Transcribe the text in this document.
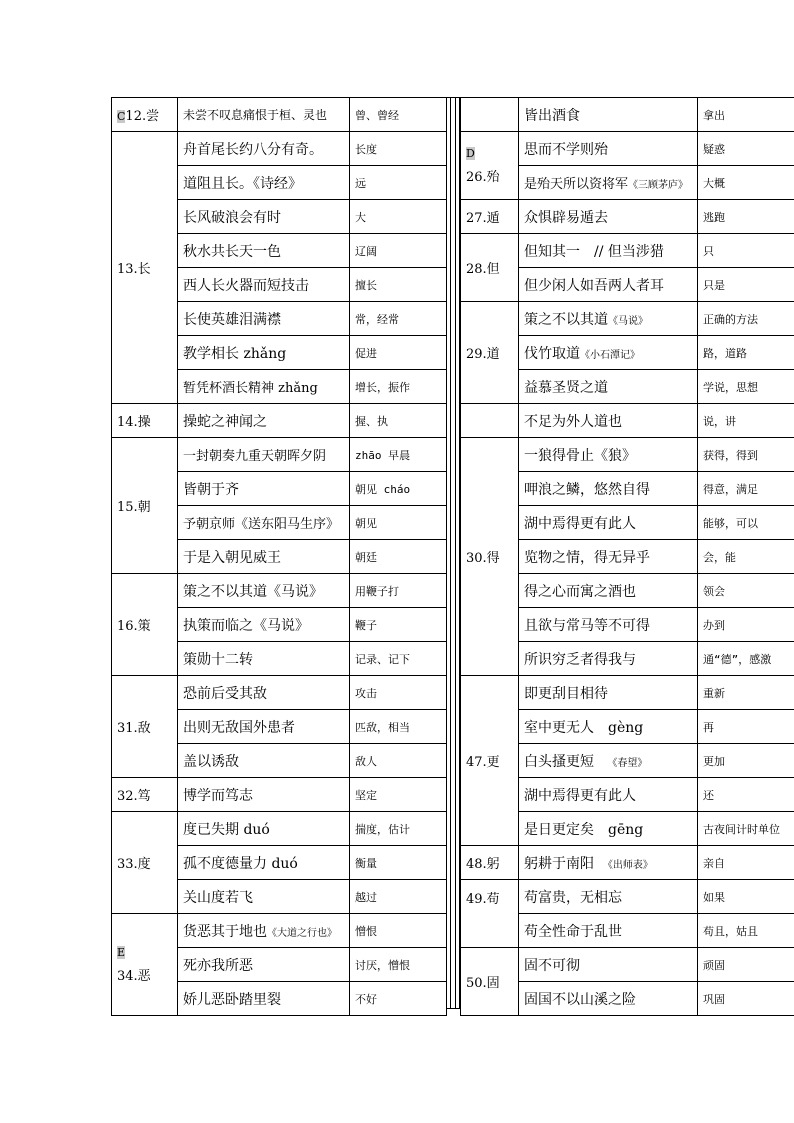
C12.尝	未尝不叹息痛恨于桓、灵也	曾、曾经
13.长	舟首尾长约八分有奇。	长度
	道阻且长。《诗经》	远
	长风破浪会有时	大
	秋水共长天一色	辽阔
	西人长火器而短技击	擅长
	长使英雄泪满襟	常，经常
	教学相长 zhǎng	促进
	暂凭杯酒长精神 zhǎng	增长，振作
14.操	操蛇之神闻之	握、执
15.朝	一封朝奏九重天朝晖夕阴	zhāo 早晨
	皆朝于齐	朝见 cháo
	予朝京师《送东阳马生序》	朝见
	于是入朝见威王	朝廷
16.策	策之不以其道《马说》	用鞭子打
	执策而临之《马说》	鞭子
	策勋十二转	记录、记下
31.敌	恐前后受其敌	攻击
	出则无敌国外患者	匹敌，相当
	盖以诱敌	敌人
32.笃	博学而笃志	坚定
33.度	度已失期 duó	揣度，估计
	孤不度德量力 duó	衡量
	关山度若飞	越过

E
34.恶	货恶其于地也《大道之行也》	憎恨
	死亦我所恶	讨厌，憎恨
	娇儿恶卧踏里裂	不好
	皆出酒食	拿出

D
26.殆	思而不学则殆	疑惑
	是殆天所以资将军《三顾茅庐》	大概
27.遁	众惧辟易遁去	逃跑
28.但	但知其一　// 但当涉猎	只
	但少闲人如吾两人者耳	只是
29.道	策之不以其道《马说》	正确的方法
	伐竹取道《小石潭记》	路，道路
	益慕圣贤之道	学说，思想
	不足为外人道也	说，讲
30.得	一狼得骨止《狼》	获得，得到
	呷浪之鳞，悠然自得	得意，满足
	湖中焉得更有此人	能够，可以
	览物之情，得无异乎	会，能
	得之心而寓之酒也	领会
	且欲与常马等不可得	办到
	所识穷乏者得我与	通“德”，感激
47.更	即更刮目相待	重新
	室中更无人　gèng	再
	白头搔更短 《春望》	更加
	湖中焉得更有此人	还
	是日更定矣　gēng	古夜间计时单位
48.躬	躬耕于南阳 《出师表》	亲自
49.苟	苟富贵，无相忘	如果
	苟全性命于乱世	苟且，姑且
50.固	固不可彻	顽固
	固国不以山溪之险	巩固
